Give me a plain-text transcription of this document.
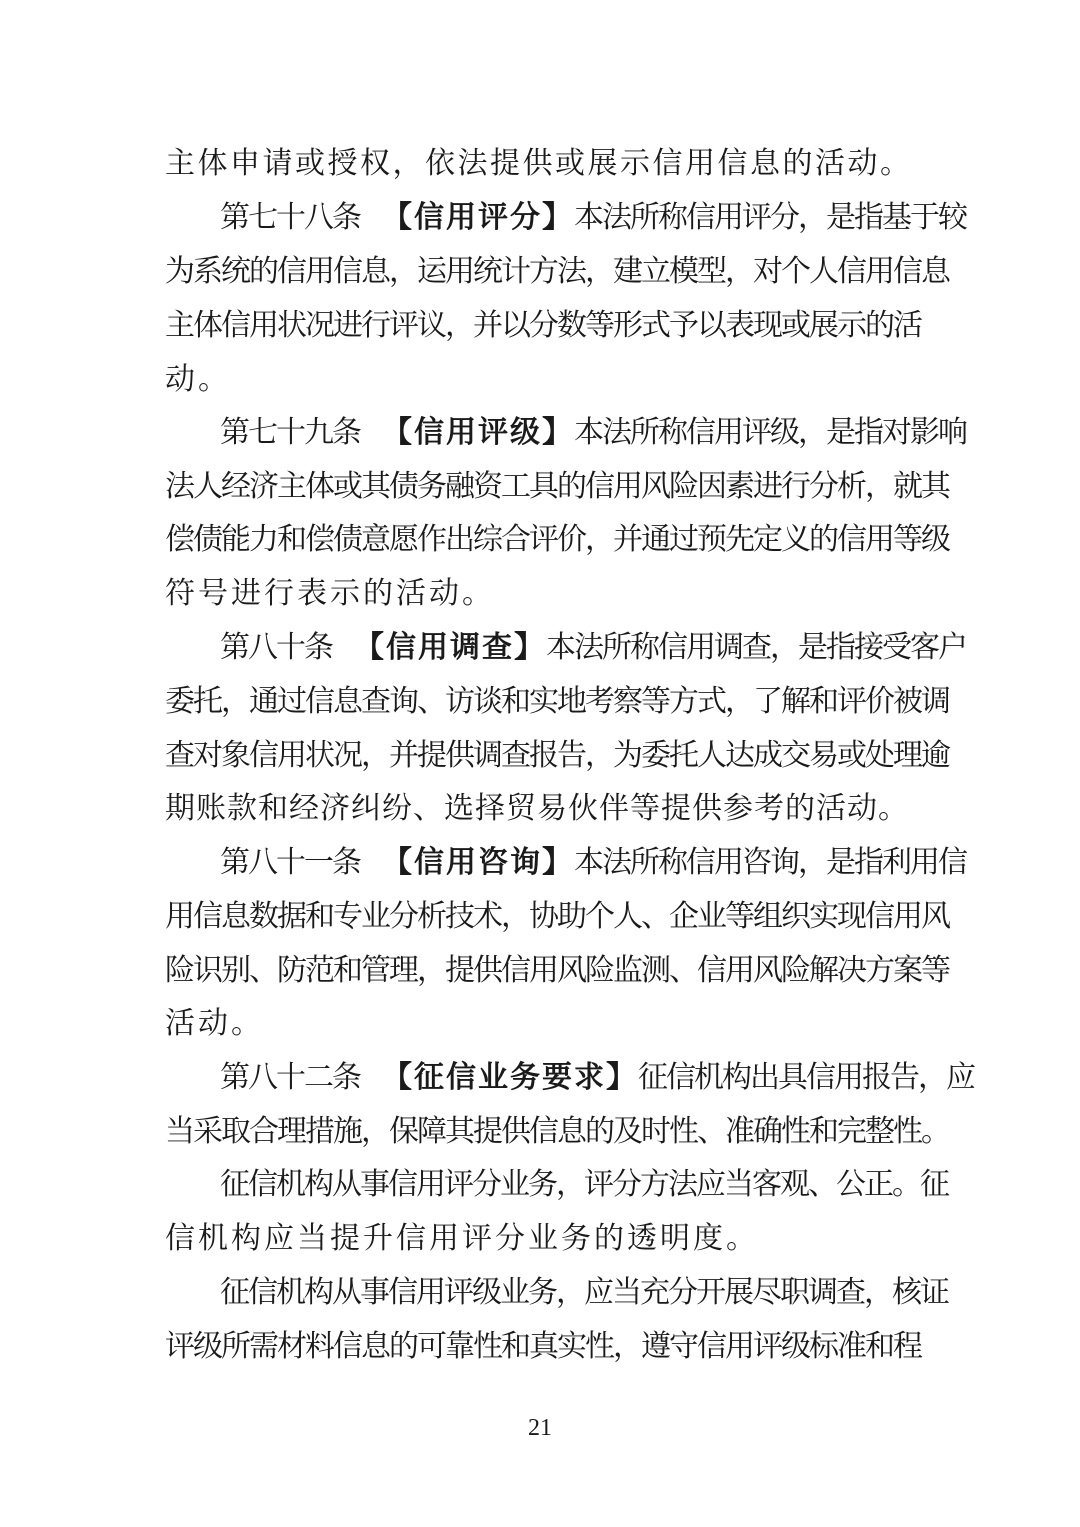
主体申请或授权，依法提供或展示信用信息的活动。
第七十八条 【信用评分】本法所称信用评分，是指基于较
为系统的信用信息，运用统计方法，建立模型，对个人信用信息
主体信用状况进行评议，并以分数等形式予以表现或展示的活
动。
第七十九条 【信用评级】本法所称信用评级，是指对影响
法人经济主体或其债务融资工具的信用风险因素进行分析，就其
偿债能力和偿债意愿作出综合评价，并通过预先定义的信用等级
符号进行表示的活动。
第八十条 【信用调查】本法所称信用调查，是指接受客户
委托，通过信息查询、访谈和实地考察等方式，了解和评价被调
查对象信用状况，并提供调查报告，为委托人达成交易或处理逾
期账款和经济纠纷、选择贸易伙伴等提供参考的活动。
第八十一条 【信用咨询】本法所称信用咨询，是指利用信
用信息数据和专业分析技术，协助个人、企业等组织实现信用风
险识别、防范和管理，提供信用风险监测、信用风险解决方案等
活动。
第八十二条 【征信业务要求】征信机构出具信用报告，应
当采取合理措施，保障其提供信息的及时性、准确性和完整性。
征信机构从事信用评分业务，评分方法应当客观、公正。征
信机构应当提升信用评分业务的透明度。
征信机构从事信用评级业务，应当充分开展尽职调查，核证
评级所需材料信息的可靠性和真实性，遵守信用评级标准和程
21
